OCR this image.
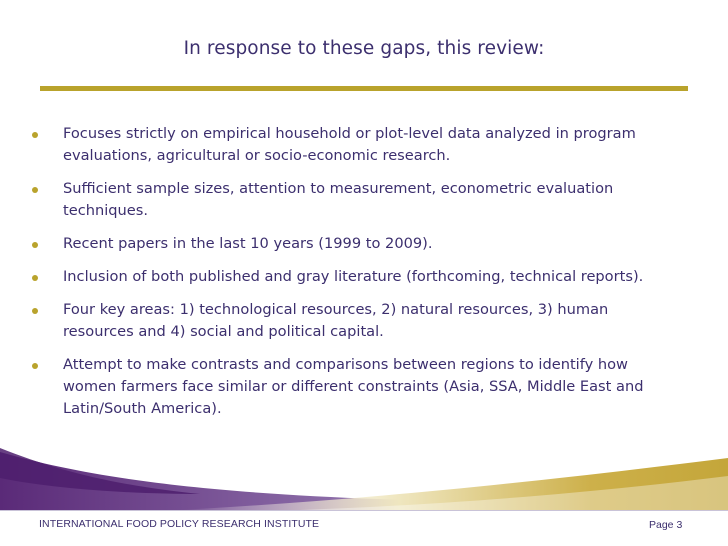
In response to these gaps, this review:
Focuses strictly on empirical household or plot-level data analyzed in program evaluations, agricultural or socio-economic research.
Sufficient sample sizes, attention to measurement, econometric evaluation techniques.
Recent papers in the last 10 years (1999 to 2009).
Inclusion of both published and gray literature (forthcoming, technical reports).
Four key areas: 1) technological resources, 2) natural resources, 3) human resources and 4) social and political capital.
Attempt to make contrasts and comparisons between regions to identify how women farmers face similar or different constraints (Asia, SSA, Middle East and Latin/South America).
INTERNATIONAL FOOD POLICY RESEARCH INSTITUTE	Page 3
